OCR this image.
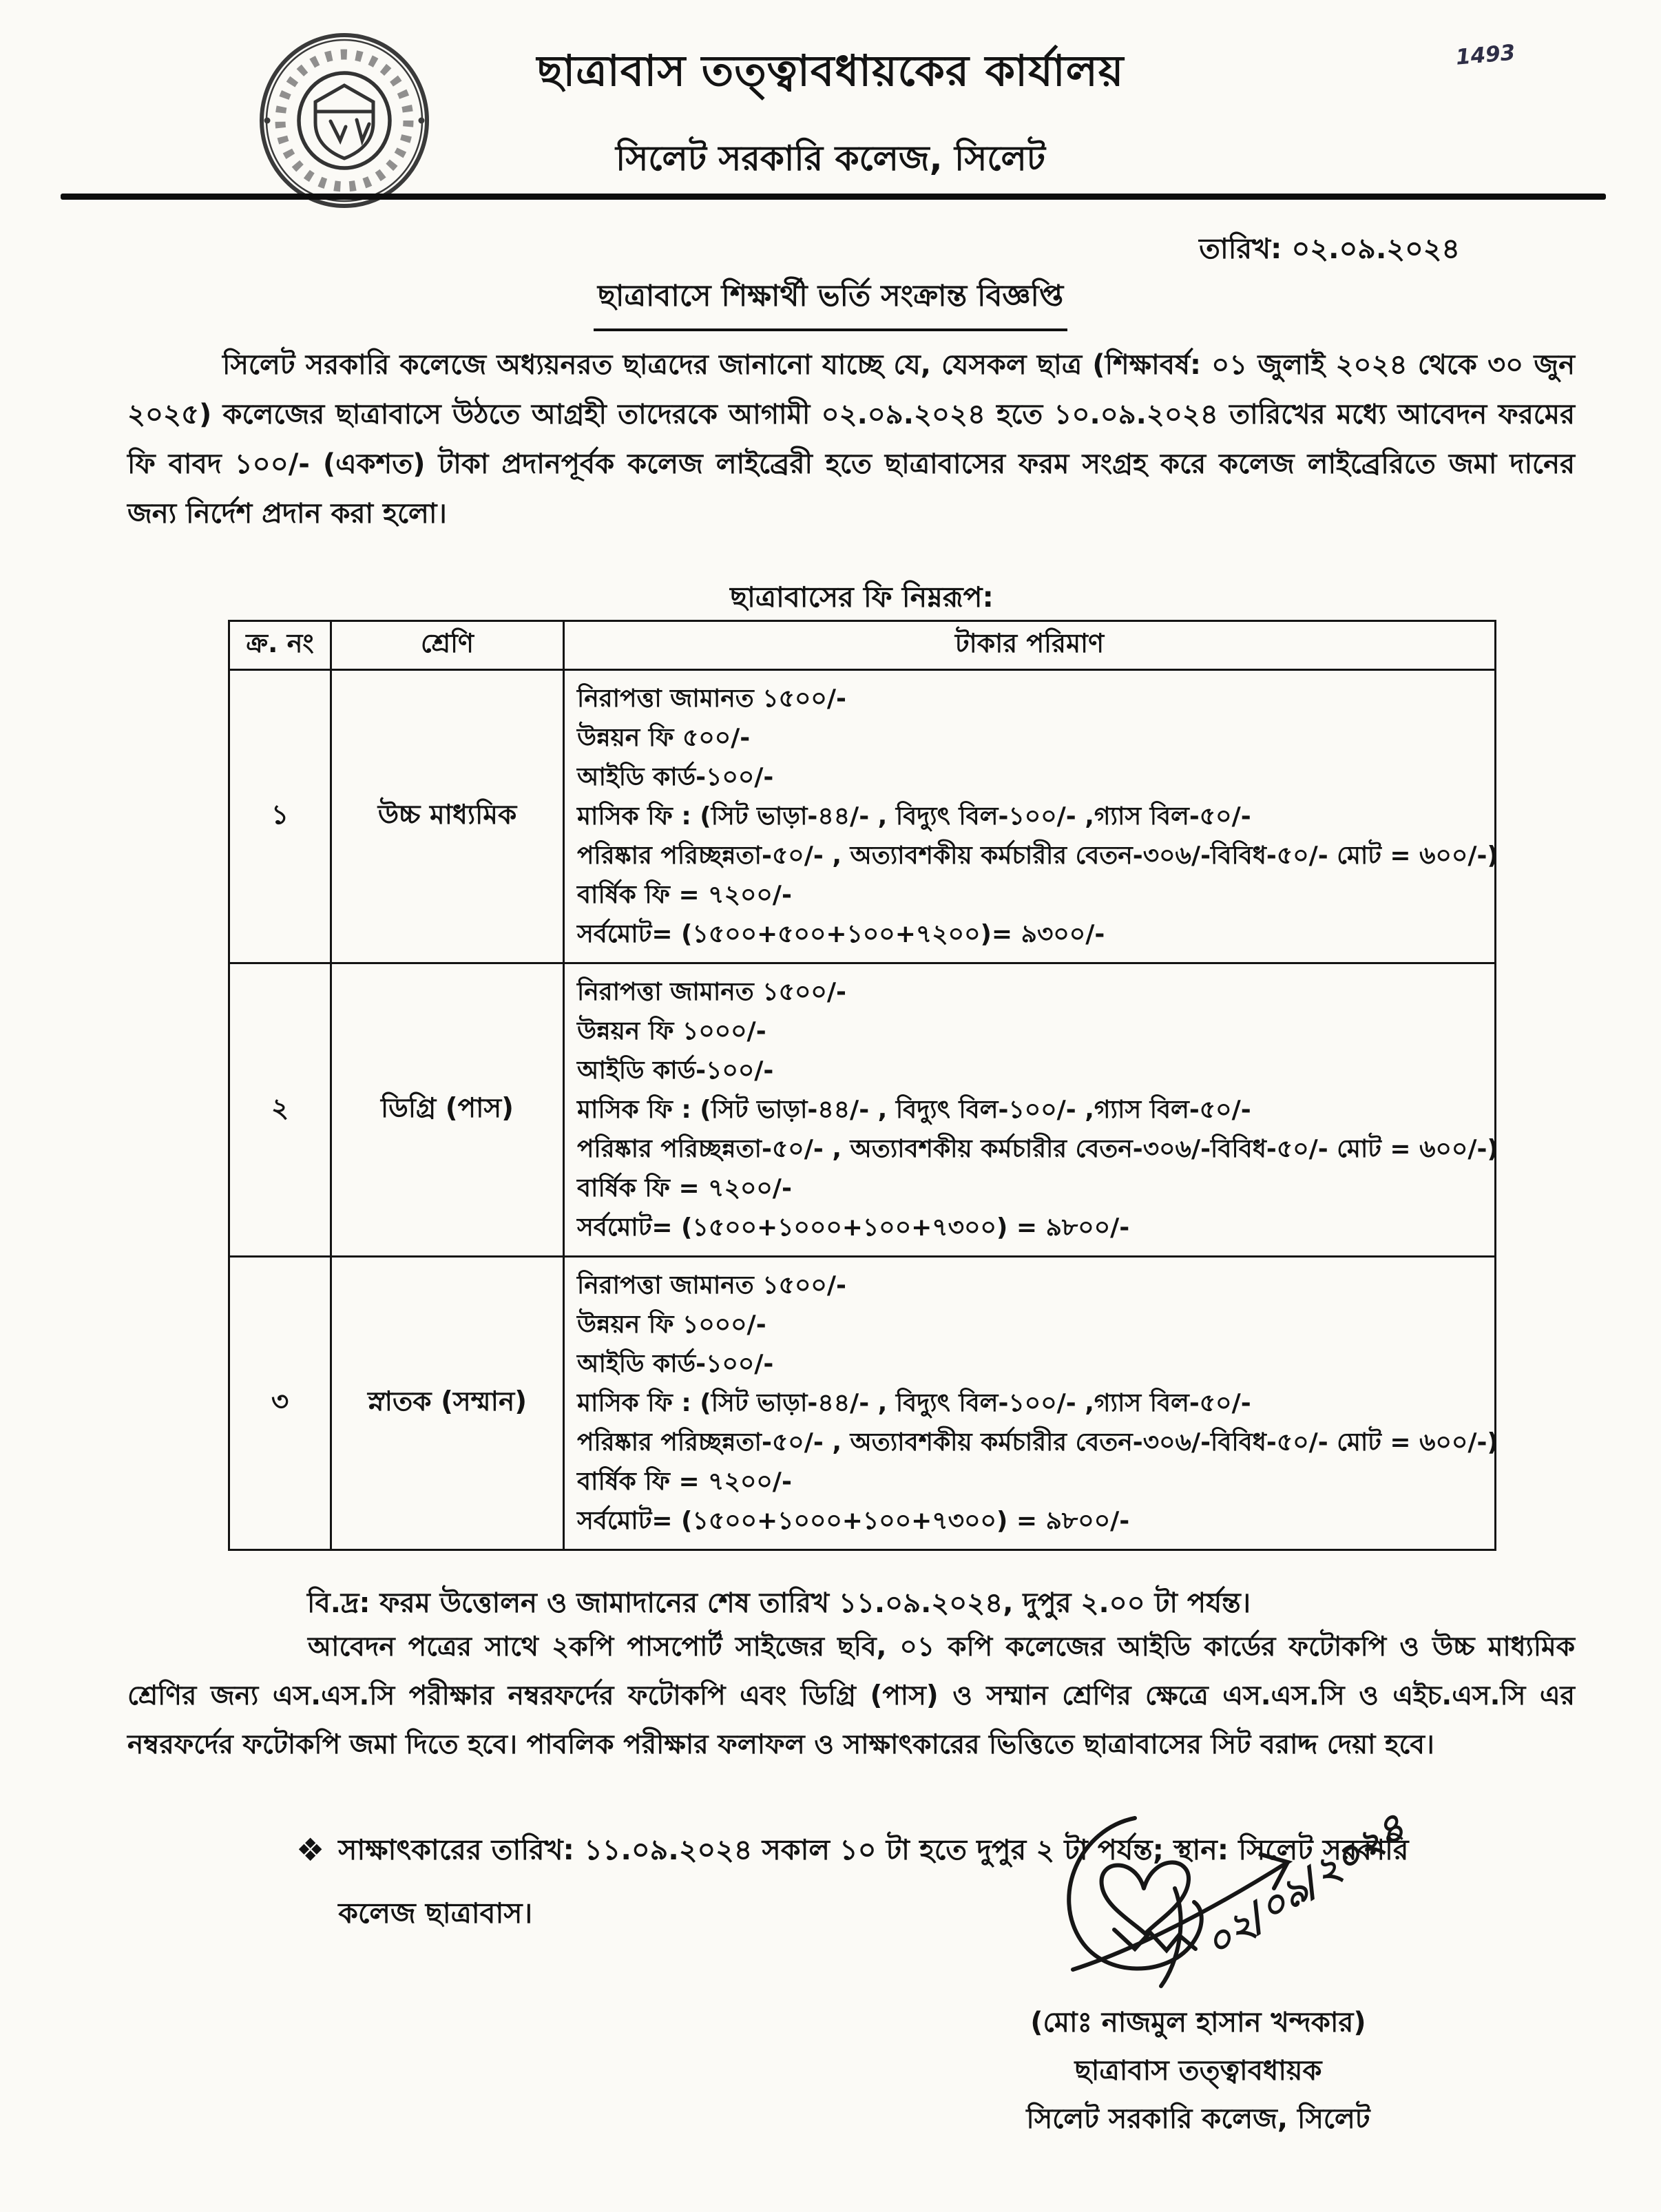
1493
ছাত্রাবাস তত্ত্বাবধায়কের কার্যালয়
সিলেট সরকারি কলেজ, সিলেট
তারিখ: ০২.০৯.২০২৪
ছাত্রাবাসে শিক্ষার্থী ভর্তি সংক্রান্ত বিজ্ঞপ্তি
সিলেট সরকারি কলেজে অধ্যয়নরত ছাত্রদের জানানো যাচ্ছে যে, যেসকল ছাত্র (শিক্ষাবর্ষ: ০১ জুলাই ২০২৪ থেকে ৩০ জুন ২০২৫) কলেজের ছাত্রাবাসে উঠতে আগ্রহী তাদেরকে আগামী ০২.০৯.২০২৪ হতে ১০.০৯.২০২৪ তারিখের মধ্যে আবেদন ফরমের ফি বাবদ ১০০/- (একশত) টাকা প্রদানপূর্বক কলেজ লাইব্রেরী হতে ছাত্রাবাসের ফরম সংগ্রহ করে কলেজ লাইব্রেরিতে জমা দানের জন্য নির্দেশ প্রদান করা হলো।
ছাত্রাবাসের ফি নিম্নরূপ:
ক্র. নং	শ্রেণি	টাকার পরিমাণ
১	উচ্চ মাধ্যমিক	
নিরাপত্তা জামানত ১৫০০/-
উন্নয়ন ফি ৫০০/-
আইডি কার্ড-১০০/-
মাসিক ফি : (সিট ভাড়া-৪৪/- , বিদ্যুৎ বিল-১০০/- ,গ্যাস বিল-৫০/-
পরিষ্কার পরিচ্ছন্নতা-৫০/- , অত্যাবশকীয় কর্মচারীর বেতন-৩০৬/-বিবিধ-৫০/- মোট = ৬০০/-)
বার্ষিক ফি = ৭২০০/-
সর্বমোট= (১৫০০+৫০০+১০০+৭২০০)= ৯৩০০/-

২	ডিগ্রি (পাস)	
নিরাপত্তা জামানত ১৫০০/-
উন্নয়ন ফি ১০০০/-
আইডি কার্ড-১০০/-
মাসিক ফি : (সিট ভাড়া-৪৪/- , বিদ্যুৎ বিল-১০০/- ,গ্যাস বিল-৫০/-
পরিষ্কার পরিচ্ছন্নতা-৫০/- , অত্যাবশকীয় কর্মচারীর বেতন-৩০৬/-বিবিধ-৫০/- মোট = ৬০০/-)
বার্ষিক ফি = ৭২০০/-
সর্বমোট= (১৫০০+১০০০+১০০+৭৩০০) = ৯৮০০/-

৩	স্নাতক (সম্মান)	
নিরাপত্তা জামানত ১৫০০/-
উন্নয়ন ফি ১০০০/-
আইডি কার্ড-১০০/-
মাসিক ফি : (সিট ভাড়া-৪৪/- , বিদ্যুৎ বিল-১০০/- ,গ্যাস বিল-৫০/-
পরিষ্কার পরিচ্ছন্নতা-৫০/- , অত্যাবশকীয় কর্মচারীর বেতন-৩০৬/-বিবিধ-৫০/- মোট = ৬০০/-)
বার্ষিক ফি = ৭২০০/-
সর্বমোট= (১৫০০+১০০০+১০০+৭৩০০) = ৯৮০০/-
বি.দ্র: ফরম উত্তোলন ও জামাদানের শেষ তারিখ ১১.০৯.২০২৪, দুপুর ২.০০ টা পর্যন্ত।
আবেদন পত্রের সাথে ২কপি পাসপোর্ট সাইজের ছবি, ০১ কপি কলেজের আইডি কার্ডের ফটোকপি ও উচ্চ মাধ্যমিক শ্রেণির জন্য এস.এস.সি পরীক্ষার নম্বরফর্দের ফটোকপি এবং ডিগ্রি (পাস) ও সম্মান শ্রেণির ক্ষেত্রে এস.এস.সি ও এইচ.এস.সি এর নম্বরফর্দের ফটোকপি জমা দিতে হবে। পাবলিক পরীক্ষার ফলাফল ও সাক্ষাৎকারের ভিত্তিতে ছাত্রাবাসের সিট বরাদ্দ দেয়া হবে।
❖ সাক্ষাৎকারের তারিখ: ১১.০৯.২০২৪ সকাল ১০ টা হতে দুপুর ২ টা পর্যন্ত; স্থান: সিলেট সরকারি কলেজ ছাত্রাবাস।	০২/০৯/২০২৪
(মোঃ নাজমুল হাসান খন্দকার)
ছাত্রাবাস তত্ত্বাবধায়ক
সিলেট সরকারি কলেজ, সিলেট
